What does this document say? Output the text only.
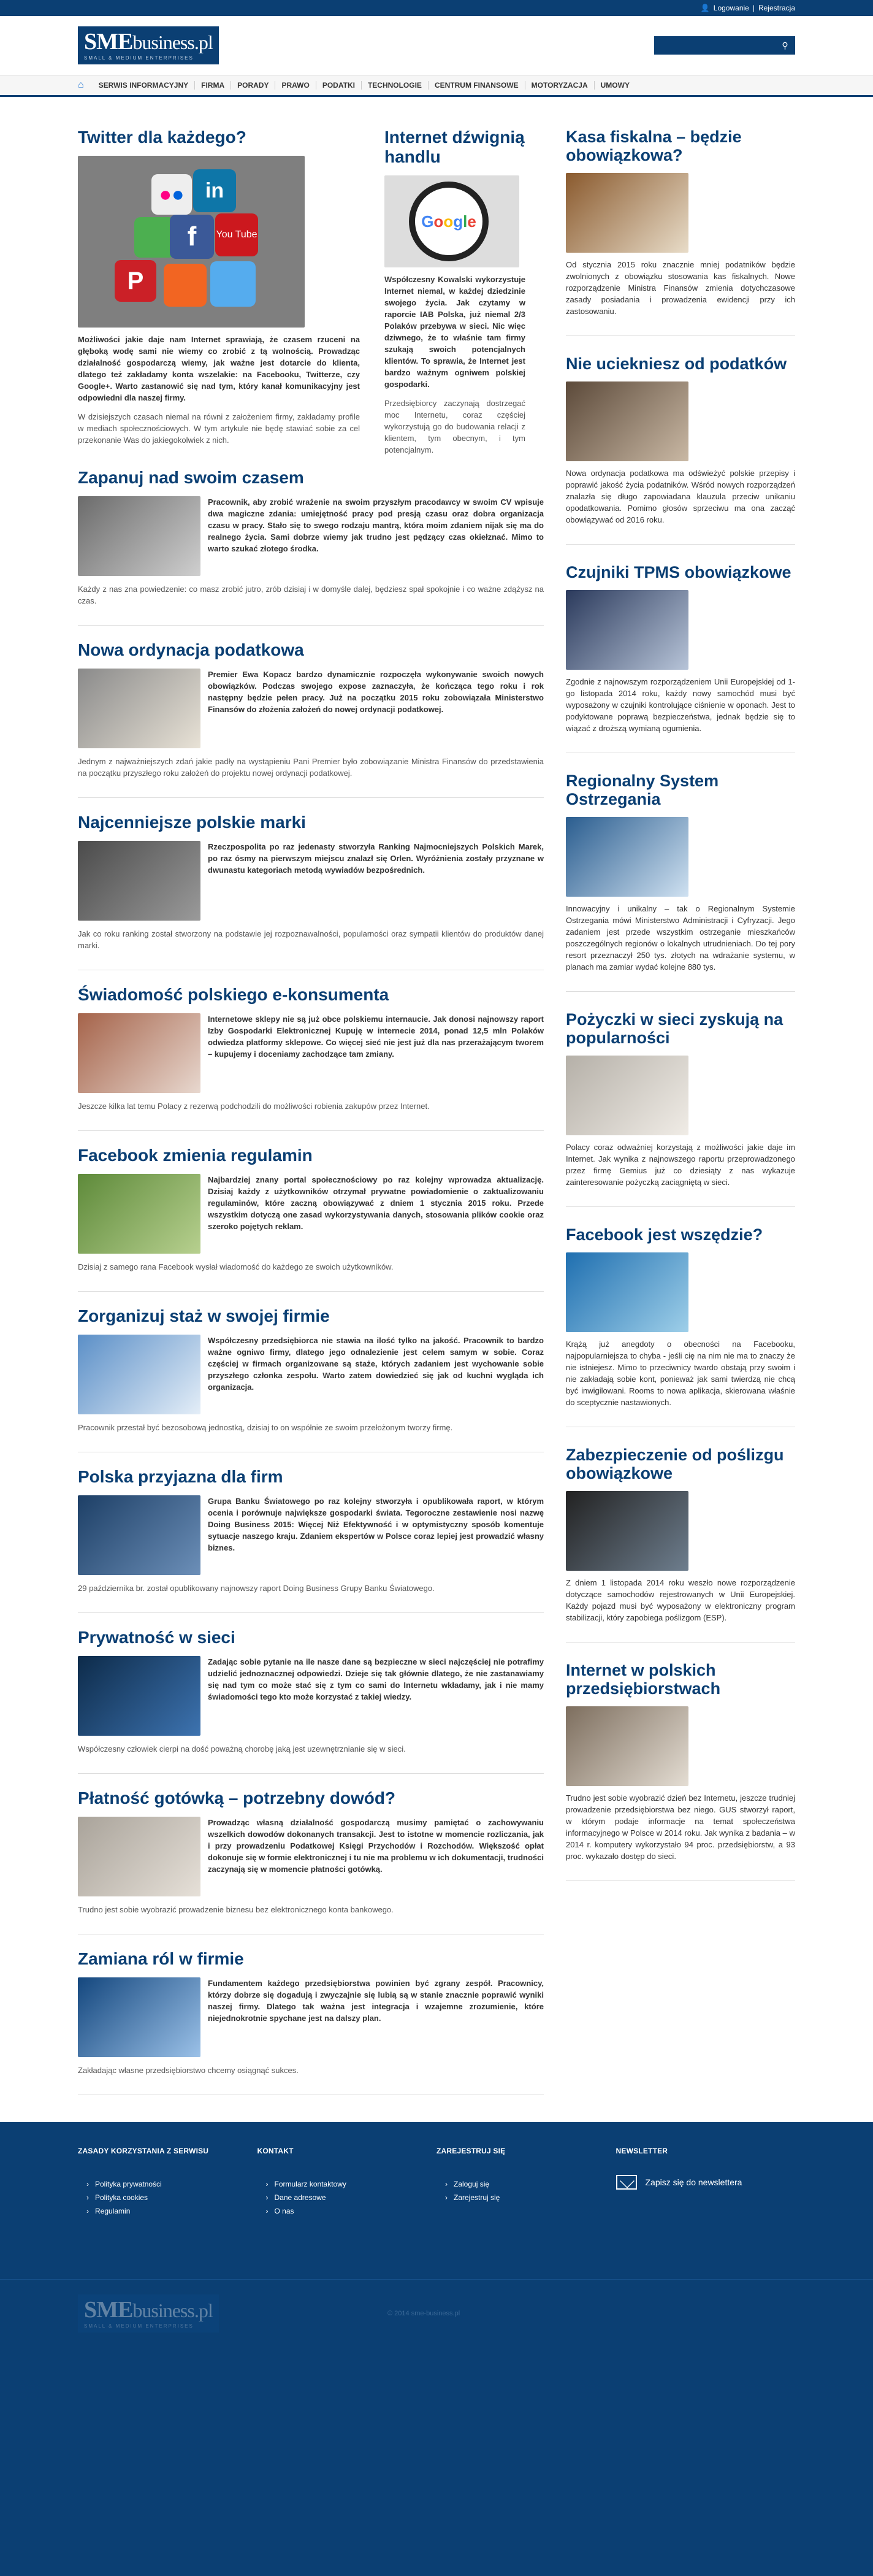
👤 Logowanie | Rejestracja
SMEbusiness.pl
SMALL & MEDIUM ENTERPRISES
⚲
⌂	SERWIS INFORMACYJNY	FIRMA	PORADY	PRAWO	PODATKI	TECHNOLOGIE	CENTRUM FINANSOWE	MOTORYZACJA	UMOWY
Twitter dla każdego?
● ●	in
f	You Tube
P

Możliwości jakie daje nam Internet sprawiają, że czasem rzuceni na głęboką wodę sami nie wiemy co zrobić z tą wolnością. Prowadząc działalność gospodarczą wiemy, jak ważne jest dotarcie do klienta, dlatego też zakładamy konta wszelakie: na Facebooku, Twitterze, czy Google+. Warto zastanowić się nad tym, który kanał komunikacyjny jest odpowiedni dla naszej firmy.

W dzisiejszych czasach niemal na równi z założeniem firmy, zakładamy profile w mediach społecznościowych. W tym artykule nie będę stawiać sobie za cel przekonanie Was do jakiegokolwiek z nich.

Internet dźwignią handlu
G o o g l e

Współczesny Kowalski wykorzystuje Internet niemal, w każdej dziedzinie swojego życia. Jak czytamy w raporcie IAB Polska, już niemal 2/3 Polaków przebywa w sieci. Nic więc dziwnego, że to właśnie tam firmy szukają swoich potencjalnych klientów. To sprawia, że Internet jest bardzo ważnym ogniwem polskiej gospodarki.

Przedsiębiorcy zaczynają dostrzegać moc Internetu, coraz częściej wykorzystują go do budowania relacji z klientem, tym obecnym, i tym potencjalnym.

Zapanuj nad swoim czasem

Pracownik, aby zrobić wrażenie na swoim przyszłym pracodawcy w swoim CV wpisuje dwa magiczne zdania: umiejętność pracy pod presją czasu oraz dobra organizacja czasu w pracy. Stało się to swego rodzaju mantrą, która moim zdaniem nijak się ma do realnego życia. Sami dobrze wiemy jak trudno jest pędzący czas okiełznać. Mimo to warto szukać złotego środka.

Każdy z nas zna powiedzenie: co masz zrobić jutro, zrób dzisiaj i w domyśle dalej, będziesz spał spokojnie i co ważne zdążysz na czas.

Nowa ordynacja podatkowa

Premier Ewa Kopacz bardzo dynamicznie rozpoczęła wykonywanie swoich nowych obowiązków. Podczas swojego expose zaznaczyła, że kończąca tego roku i rok następny będzie pełen pracy. Już na początku 2015 roku zobowiązała Ministerstwo Finansów do złożenia założeń do nowej ordynacji podatkowej.

Jednym z najważniejszych zdań jakie padły na wystąpieniu Pani Premier było zobowiązanie Ministra Finansów do przedstawienia na początku przyszłego roku założeń do projektu nowej ordynacji podatkowej.

Najcenniejsze polskie marki

Rzeczpospolita po raz jedenasty stworzyła Ranking Najmocniejszych Polskich Marek, po raz ósmy na pierwszym miejscu znalazł się Orlen. Wyróżnienia zostały przyznane w dwunastu kategoriach metodą wywiadów bezpośrednich.

Jak co roku ranking został stworzony na podstawie jej rozpoznawalności, popularności oraz sympatii klientów do produktów danej marki.

Świadomość polskiego e-konsumenta

Internetowe sklepy nie są już obce polskiemu internaucie. Jak donosi najnowszy raport Izby Gospodarki Elektronicznej Kupuję w internecie 2014, ponad 12,5 mln Polaków odwiedza platformy sklepowe. Co więcej sieć nie jest już dla nas przerażającym tworem – kupujemy i doceniamy zachodzące tam zmiany.

Jeszcze kilka lat temu Polacy z rezerwą podchodzili do możliwości robienia zakupów przez Internet.

Facebook zmienia regulamin

Najbardziej znany portal społecznościowy po raz kolejny wprowadza aktualizację. Dzisiaj każdy z użytkowników otrzymał prywatne powiadomienie o zaktualizowaniu regulaminów, które zaczną obowiązywać z dniem 1 stycznia 2015 roku. Przede wszystkim dotyczą one zasad wykorzystywania danych, stosowania plików cookie oraz szeroko pojętych reklam.

Dzisiaj z samego rana Facebook wysłał wiadomość do każdego ze swoich użytkowników.

Zorganizuj staż w swojej firmie

Współczesny przedsiębiorca nie stawia na ilość tylko na jakość. Pracownik to bardzo ważne ogniwo firmy, dlatego jego odnalezienie jest celem samym w sobie. Coraz częściej w firmach organizowane są staże, których zadaniem jest wychowanie sobie przyszłego członka zespołu. Warto zatem dowiedzieć się jak od kuchni wygląda ich organizacja.

Pracownik przestał być bezosobową jednostką, dzisiaj to on współnie ze swoim przełożonym tworzy firmę.

Polska przyjazna dla firm

Grupa Banku Światowego po raz kolejny stworzyła i opublikowała raport, w którym ocenia i porównuje największe gospodarki świata. Tegoroczne zestawienie nosi nazwę Doing Business 2015: Więcej Niż Efektywność i w optymistyczny sposób komentuje sytuacje naszego kraju. Zdaniem ekspertów w Polsce coraz lepiej jest prowadzić własny biznes.

29 października br. został opublikowany najnowszy raport Doing Business Grupy Banku Światowego.

Prywatność w sieci

Zadając sobie pytanie na ile nasze dane są bezpieczne w sieci najczęściej nie potrafimy udzielić jednoznacznej odpowiedzi. Dzieje się tak głównie dlatego, że nie zastanawiamy się nad tym co może stać się z tym co sami do Internetu wkładamy, jak i nie mamy świadomości tego kto może korzystać z takiej wiedzy.

Współczesny człowiek cierpi na dość poważną chorobę jaką jest uzewnętrznianie się w sieci.

Płatność gotówką – potrzebny dowód?

Prowadząc własną działalność gospodarczą musimy pamiętać o zachowywaniu wszelkich dowodów dokonanych transakcji. Jest to istotne w momencie rozliczania, jak i przy prowadzeniu Podatkowej Księgi Przychodów i Rozchodów. Większość opłat dokonuje się w formie elektronicznej i tu nie ma problemu w ich dokumentacji, trudności zaczynają się w momencie płatności gotówką.

Trudno jest sobie wyobrazić prowadzenie biznesu bez elektronicznego konta bankowego.

Zamiana ról w firmie

Fundamentem każdego przedsiębiorstwa powinien być zgrany zespół. Pracownicy, którzy dobrze się dogadują i zwyczajnie się lubią są w stanie znacznie poprawić wyniki naszej firmy. Dlatego tak ważna jest integracja i wzajemne zrozumienie, które niejednokrotnie spychane jest na dalszy plan.

Zakładając własne przedsiębiorstwo chcemy osiągnąć sukces.

Kasa fiskalna – będzie obowiązkowa?

Od stycznia 2015 roku znacznie mniej podatników będzie zwolnionych z obowiązku stosowania kas fiskalnych. Nowe rozporządzenie Ministra Finansów zmienia dotychczasowe zasady posiadania i prowadzenia ewidencji przy ich zastosowaniu.

Nie uciekniesz od podatków

Nowa ordynacja podatkowa ma odświeżyć polskie przepisy i poprawić jakość życia podatników. Wśród nowych rozporządzeń znalazła się długo zapowiadana klauzula przeciw unikaniu opodatkowania. Pomimo głosów sprzeciwu ma ona zacząć obowiązywać od 2016 roku.

Czujniki TPMS obowiązkowe

Zgodnie z najnowszym rozporządzeniem Unii Europejskiej od 1-go listopada 2014 roku, każdy nowy samochód musi być wyposażony w czujniki kontrolujące ciśnienie w oponach. Jest to podyktowane poprawą bezpieczeństwa, jednak będzie się to wiązać z droższą wymianą ogumienia.

Regionalny System Ostrzegania

Innowacyjny i unikalny – tak o Regionalnym Systemie Ostrzegania mówi Ministerstwo Administracji i Cyfryzacji. Jego zadaniem jest przede wszystkim ostrzeganie mieszkańców poszczególnych regionów o lokalnych utrudnieniach. Do tej pory resort przeznaczył 250 tys. złotych na wdrażanie systemu, w planach ma zamiar wydać kolejne 880 tys.

Pożyczki w sieci zyskują na popularności

Polacy coraz odważniej korzystają z możliwości jakie daje im Internet. Jak wynika z najnowszego raportu przeprowadzonego przez firmę Gemius już co dziesiąty z nas wykazuje zainteresowanie pożyczką zaciągniętą w sieci.

Facebook jest wszędzie?

Krążą już anegdoty o obecności na Facebooku, najpopularniejsza to chyba - jeśli cię na nim nie ma to znaczy że nie istniejesz. Mimo to przeciwnicy twardo obstają przy swoim i nie zakładają sobie kont, ponieważ jak sami twierdzą nie chcą być inwigilowani. Rooms to nowa aplikacja, skierowana właśnie do sceptycznie nastawionych.

Zabezpieczenie od poślizgu obowiązkowe

Z dniem 1 listopada 2014 roku weszło nowe rozporządzenie dotyczące samochodów rejestrowanych w Unii Europejskiej. Każdy pojazd musi być wyposażony w elektroniczny program stabilizacji, który zapobiega poślizgom (ESP).

Internet w polskich przedsiębiorstwach

Trudno jest sobie wyobrazić dzień bez Internetu, jeszcze trudniej prowadzenie przedsiębiorstwa bez niego. GUS stworzył raport, w którym podaje informacje na temat społeczeństwa informacyjnego w Polsce w 2014 roku. Jak wynika z badania – w 2014 r. komputery wykorzystało 94 proc. przedsiębiorstw, a 93 proc. wykazało dostęp do sieci.

ZASADY KORZYSTANIA Z SERWISU
› Polityka prywatności
› Polityka cookies
› Regulamin
KONTAKT
› Formularz kontaktowy
› Dane adresowe
› O nas
ZAREJESTRUJ SIĘ
› Zaloguj się
› Zarejestruj się
NEWSLETTER
Zapisz się do newslettera
SMEbusiness.pl
SMALL & MEDIUM ENTERPRISES
© 2014 sme-business.pl
